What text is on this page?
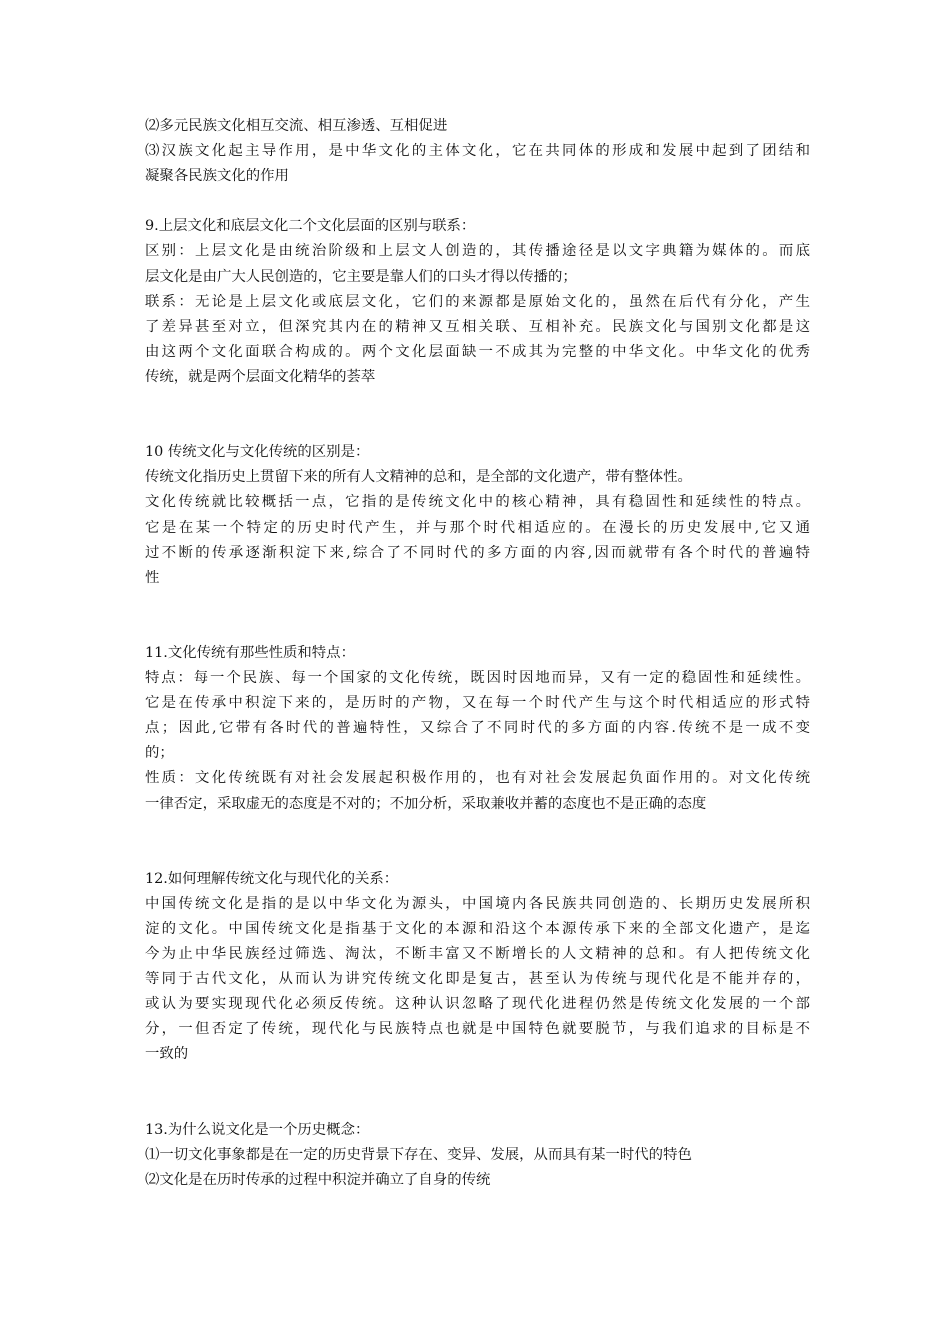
⑵多元民族文化相互交流、相互渗透、互相促进
⑶汉族文化起主导作用，是中华文化的主体文化，它在共同体的形成和发展中起到了团结和
凝聚各民族文化的作用
9.上层文化和底层文化二个文化层面的区别与联系：
区别：上层文化是由统治阶级和上层文人创造的，其传播途径是以文字典籍为媒体的。而底
层文化是由广大人民创造的，它主要是靠人们的口头才得以传播的；
联系：无论是上层文化或底层文化，它们的来源都是原始文化的，虽然在后代有分化，产生
了差异甚至对立，但深究其内在的精神又互相关联、互相补充。民族文化与国别文化都是这
由这两个文化面联合构成的。两个文化层面缺一不成其为完整的中华文化。中华文化的优秀
传统，就是两个层面文化精华的荟萃
10 传统文化与文化传统的区别是：
传统文化指历史上贯留下来的所有人文精神的总和，是全部的文化遗产，带有整体性。
文化传统就比较概括一点，它指的是传统文化中的核心精神，具有稳固性和延续性的特点。
它是在某一个特定的历史时代产生，并与那个时代相适应的。在漫长的历史发展中,它又通
过不断的传承逐渐积淀下来,综合了不同时代的多方面的内容,因而就带有各个时代的普遍特
性
11.文化传统有那些性质和特点：
特点：每一个民族、每一个国家的文化传统，既因时因地而异，又有一定的稳固性和延续性。
它是在传承中积淀下来的，是历时的产物，又在每一个时代产生与这个时代相适应的形式特
点；因此,它带有各时代的普遍特性，又综合了不同时代的多方面的内容.传统不是一成不变
的；
性质：文化传统既有对社会发展起积极作用的，也有对社会发展起负面作用的。对文化传统
一律否定，采取虚无的态度是不对的；不加分析，采取兼收并蓄的态度也不是正确的态度
12.如何理解传统文化与现代化的关系：
中国传统文化是指的是以中华文化为源头，中国境内各民族共同创造的、长期历史发展所积
淀的文化。中国传统文化是指基于文化的本源和沿这个本源传承下来的全部文化遗产，是迄
今为止中华民族经过筛选、淘汰，不断丰富又不断增长的人文精神的总和。有人把传统文化
等同于古代文化，从而认为讲究传统文化即是复古，甚至认为传统与现代化是不能并存的，
或认为要实现现代化必须反传统。这种认识忽略了现代化进程仍然是传统文化发展的一个部
分，一但否定了传统，现代化与民族特点也就是中国特色就要脱节，与我们追求的目标是不
一致的
13.为什么说文化是一个历史概念：
⑴一切文化事象都是在一定的历史背景下存在、变异、发展，从而具有某一时代的特色
⑵文化是在历时传承的过程中积淀并确立了自身的传统
